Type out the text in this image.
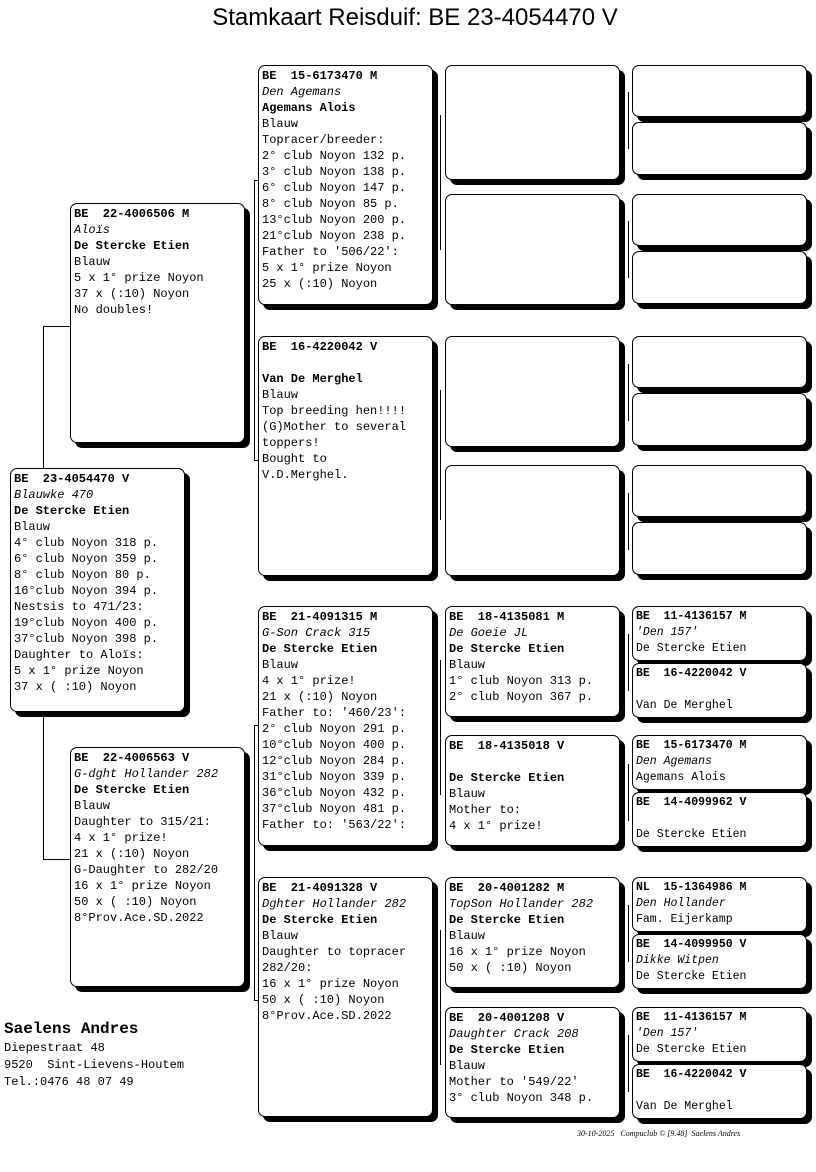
Stamkaart Reisduif: BE 23-4054470 V
BE  23-4054470 V
Blauwke 470
De Stercke Etien
Blauw
4° club Noyon 318 p.
6° club Noyon 359 p.
8° club Noyon 80 p.
16°club Noyon 394 p.
Nestsis to 471/23:
19°club Noyon 400 p.
37°club Noyon 398 p.
Daughter to Aloïs:
5 x 1° prize Noyon
37 x ( :10) Noyon
BE  22-4006506 M
Aloïs
De Stercke Etien
Blauw
5 x 1° prize Noyon
37 x (:10) Noyon
No doubles!
BE  22-4006563 V
G-dght Hollander 282
De Stercke Etien
Blauw
Daughter to 315/21:
4 x 1° prize!
21 x (:10) Noyon
G-Daughter to 282/20
16 x 1° prize Noyon
50 x ( :10) Noyon
8°Prov.Ace.SD.2022
BE  15-6173470 M
Den Agemans
Agemans Alois
Blauw
Topracer/breeder:
2° club Noyon 132 p.
3° club Noyon 138 p.
6° club Noyon 147 p.
8° club Noyon 85 p.
13°club Noyon 200 p.
21°club Noyon 238 p.
Father to '506/22':
5 x 1° prize Noyon
25 x (:10) Noyon
BE  16-4220042 V
Van De Merghel
Blauw
Top breeding hen!!!!
(G)Mother to several
toppers!
Bought to
V.D.Merghel.
BE  21-4091315 M
G-Son Crack 315
De Stercke Etien
Blauw
4 x 1° prize!
21 x (:10) Noyon
Father to: '460/23':
2° club Noyon 291 p.
10°club Noyon 400 p.
12°club Noyon 284 p.
31°club Noyon 339 p.
36°club Noyon 432 p.
37°club Noyon 481 p.
Father to: '563/22':
BE  21-4091328 V
Dghter Hollander 282
De Stercke Etien
Blauw
Daughter to topracer
282/20:
16 x 1° prize Noyon
50 x ( :10) Noyon
8°Prov.Ace.SD.2022
BE  18-4135081 M
De Goeie JL
De Stercke Etien
Blauw
1° club Noyon 313 p.
2° club Noyon 367 p.
BE  18-4135018 V
De Stercke Etien
Blauw
Mother to:
4 x 1° prize!
BE  20-4001282 M
TopSon Hollander 282
De Stercke Etien
Blauw
16 x 1° prize Noyon
50 x ( :10) Noyon
BE  20-4001208 V
Daughter Crack 208
De Stercke Etien
Blauw
Mother to '549/22'
3° club Noyon 348 p.
BE  11-4136157 M
'Den 157'
De Stercke Etien
BE  16-4220042 V
Van De Merghel
BE  15-6173470 M
Den Agemans
Agemans Alois
BE  14-4099962 V
De Stercke Etien
NL  15-1364986 M
Den Hollander
Fam. Eijerkamp
BE  14-4099950 V
Dikke Witpen
De Stercke Etien
BE  11-4136157 M
'Den 157'
De Stercke Etien
BE  16-4220042 V
Van De Merghel
Saelens Andres
Diepestraat 48
9520  Sint-Lievens-Houtem
Tel.:0476 48 07 49
30-10-2025   Compuclub © [9.48]  Saelens Andres
